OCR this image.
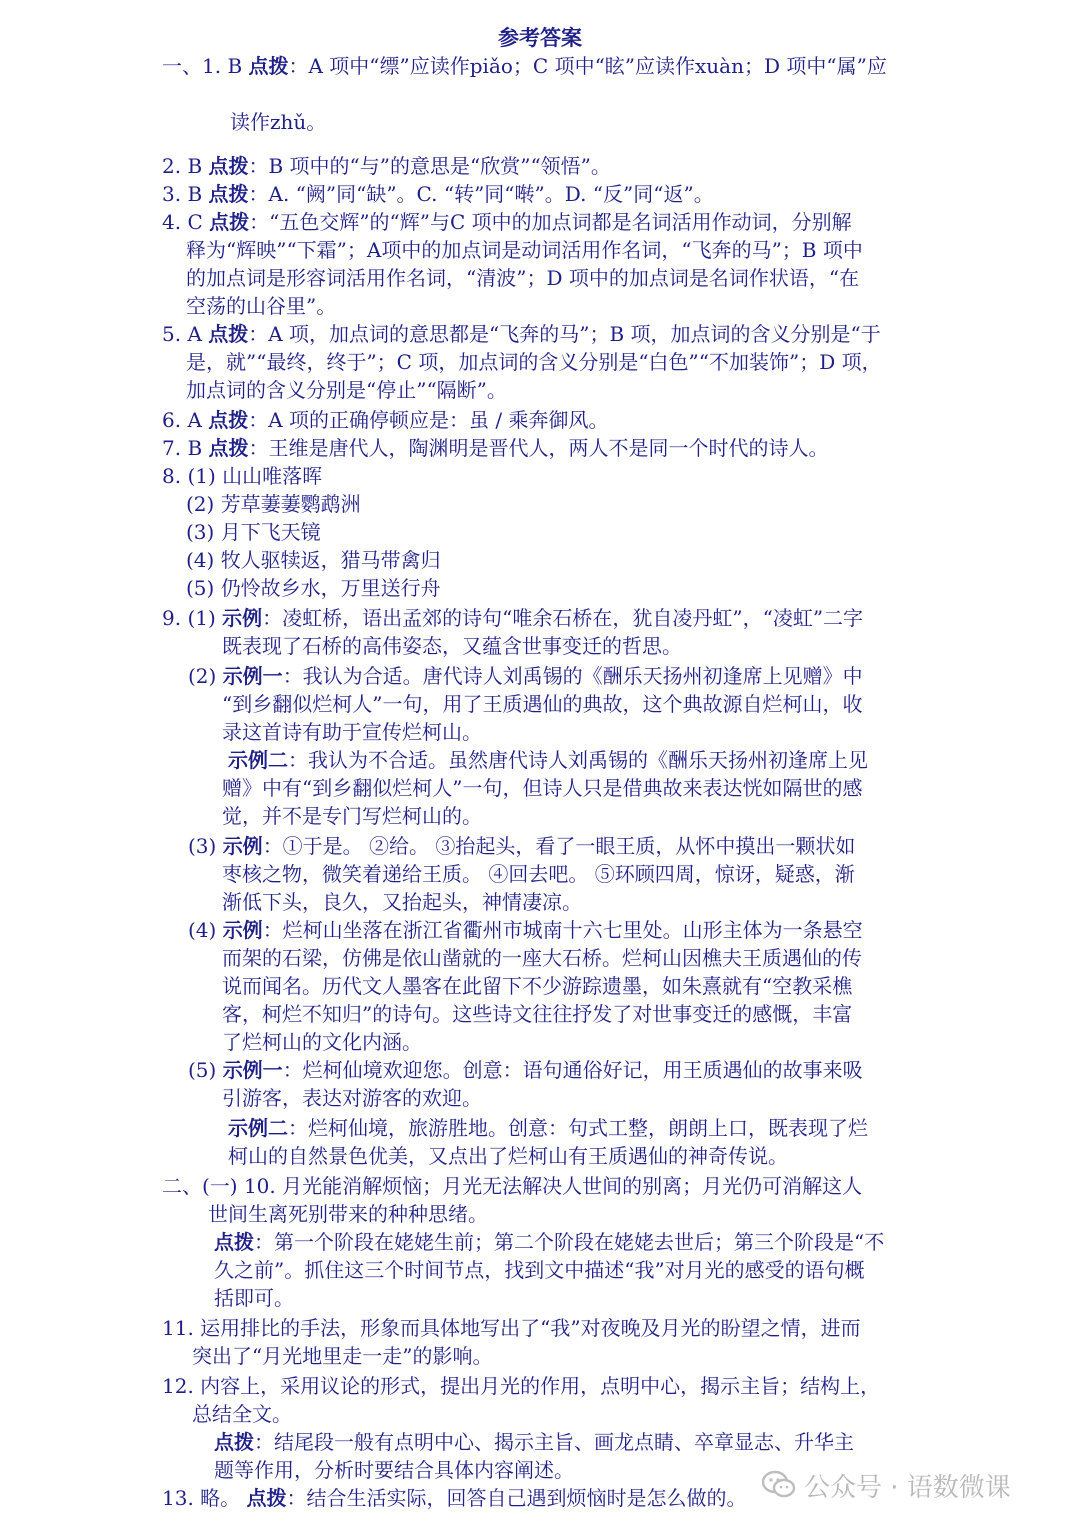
参考答案
一、1. B 点拨：A 项中“缥”应读作piǎo；C 项中“眩”应读作xuàn；D 项中“属”应
读作zhǔ。
2. B 点拨：B 项中的“与”的意思是“欣赏”“领悟”。
3. B 点拨：A. “阙”同“缺”。C. “转”同“啭”。D. “反”同“返”。
4. C 点拨：“五色交辉”的“辉”与C 项中的加点词都是名词活用作动词，分别解
释为“辉映”“下霜”；A项中的加点词是动词活用作名词，“飞奔的马”；B 项中
的加点词是形容词活用作名词，“清波”；D 项中的加点词是名词作状语，“在
空荡的山谷里”。
5. A 点拨：A 项，加点词的意思都是“飞奔的马”；B 项，加点词的含义分别是“于
是，就”“最终，终于”；C 项，加点词的含义分别是“白色”“不加装饰”；D 项，
加点词的含义分别是“停止”“隔断”。
6. A 点拨：A 项的正确停顿应是：虽 / 乘奔御风。
7. B 点拨：王维是唐代人，陶渊明是晋代人，两人不是同一个时代的诗人。
8. (1) 山山唯落晖
(2) 芳草萋萋鹦鹉洲
(3) 月下飞天镜
(4) 牧人驱犊返，猎马带禽归
(5) 仍怜故乡水，万里送行舟
9. (1) 示例：凌虹桥，语出孟郊的诗句“唯余石桥在，犹自凌丹虹”，“凌虹”二字
既表现了石桥的高伟姿态，又蕴含世事变迁的哲思。
(2) 示例一：我认为合适。唐代诗人刘禹锡的《酬乐天扬州初逢席上见赠》中
“到乡翻似烂柯人”一句，用了王质遇仙的典故，这个典故源自烂柯山，收
录这首诗有助于宣传烂柯山。
示例二：我认为不合适。虽然唐代诗人刘禹锡的《酬乐天扬州初逢席上见
赠》中有“到乡翻似烂柯人”一句，但诗人只是借典故来表达恍如隔世的感
觉，并不是专门写烂柯山的。
(3) 示例：①于是。 ②给。 ③抬起头，看了一眼王质，从怀中摸出一颗状如
枣核之物，微笑着递给王质。 ④回去吧。 ⑤环顾四周，惊讶，疑惑，渐
渐低下头，良久，又抬起头，神情凄凉。
(4) 示例：烂柯山坐落在浙江省衢州市城南十六七里处。山形主体为一条悬空
而架的石梁，仿佛是依山凿就的一座大石桥。烂柯山因樵夫王质遇仙的传
说而闻名。历代文人墨客在此留下不少游踪遗墨，如朱熹就有“空教采樵
客，柯烂不知归”的诗句。这些诗文往往抒发了对世事变迁的感慨，丰富
了烂柯山的文化内涵。
(5) 示例一：烂柯仙境欢迎您。创意：语句通俗好记，用王质遇仙的故事来吸
引游客，表达对游客的欢迎。
示例二：烂柯仙境，旅游胜地。创意：句式工整，朗朗上口，既表现了烂
柯山的自然景色优美，又点出了烂柯山有王质遇仙的神奇传说。
二、(一) 10. 月光能消解烦恼；月光无法解决人世间的别离；月光仍可消解这人
世间生离死别带来的种种思绪。
点拨：第一个阶段在姥姥生前；第二个阶段在姥姥去世后；第三个阶段是“不
久之前”。抓住这三个时间节点，找到文中描述“我”对月光的感受的语句概
括即可。
11. 运用排比的手法，形象而具体地写出了“我”对夜晚及月光的盼望之情，进而
突出了“月光地里走一走”的影响。
12. 内容上，采用议论的形式，提出月光的作用，点明中心，揭示主旨；结构上，
总结全文。
点拨：结尾段一般有点明中心、揭示主旨、画龙点睛、卒章显志、升华主
题等作用，分析时要结合具体内容阐述。
13. 略。 点拨：结合生活实际，回答自己遇到烦恼时是怎么做的。 公众号 · 语数微课
